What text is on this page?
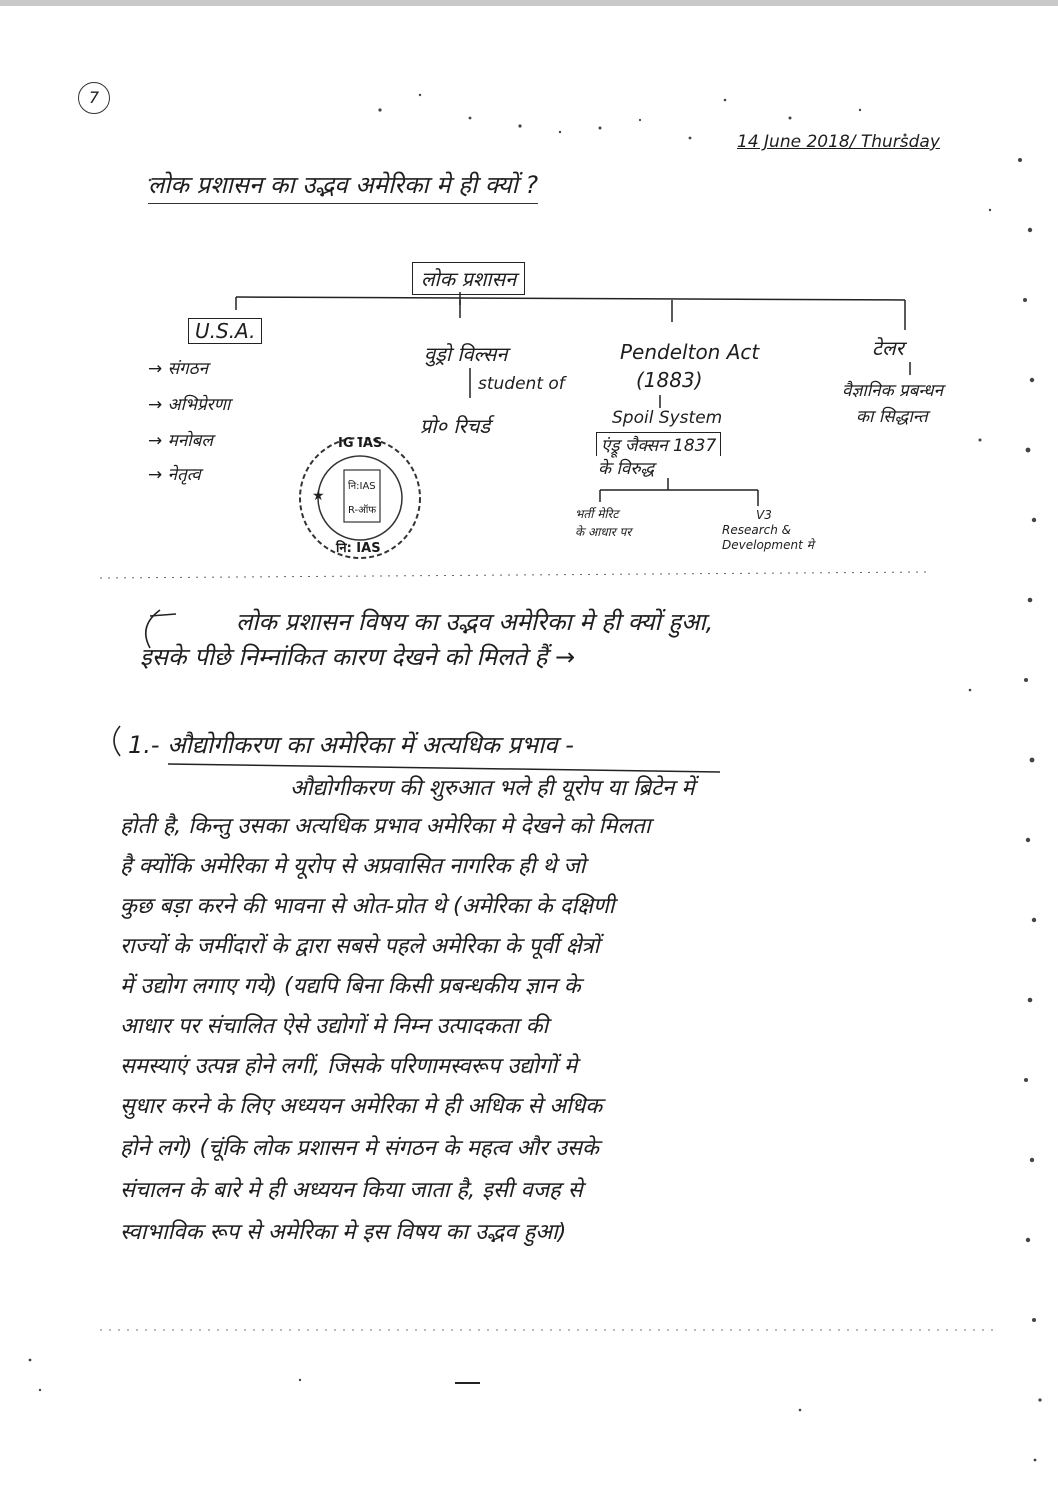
7
14 June 2018/ Thursday
लोक प्रशासन का उद्भव अमेरिका मे ही क्यों ?
लोक प्रशासन
U.S.A.
→ संगठन
→ अभिप्रेरणा
→ मनोबल
→ नेतृत्व
वुड्रो विल्सन
student of
प्रो० रिचर्ड
Pendelton Act
(1883)
Spoil System
एंड्रू जैक्सन 1837
के विरुद्ध
भर्ती मेरिट
के आधार पर
V3
Research &
Development मे
टेलर
वैज्ञानिक प्रबन्धन
का सिद्धान्त
★
IG IAS
नि:IAS
R-ऑफ
नि: IAS
लोक प्रशासन विषय का उद्भव अमेरिका मे ही क्यों हुआ,
इसके पीछे निम्नांकित कारण देखने को मिलते हैं →
1.- औद्योगीकरण का अमेरिका में अत्यधिक प्रभाव -
औद्योगीकरण की शुरुआत भले ही यूरोप या ब्रिटेन में
होती है, किन्तु उसका अत्यधिक प्रभाव अमेरिका मे देखने को मिलता
है क्योंकि अमेरिका मे यूरोप से अप्रवासित नागरिक ही थे जो
कुछ बड़ा करने की भावना से ओत-प्रोत थे (अमेरिका के दक्षिणी
राज्यों के जमींदारों के द्वारा सबसे पहले अमेरिका के पूर्वी क्षेत्रों
में उद्योग लगाए गये) (यद्यपि बिना किसी प्रबन्धकीय ज्ञान के
आधार पर संचालित ऐसे उद्योगों मे निम्न उत्पादकता की
समस्याएं उत्पन्न होने लगीं, जिसके परिणामस्वरूप उद्योगों मे
सुधार करने के लिए अध्ययन अमेरिका मे ही अधिक से अधिक
होने लगे) (चूंकि लोक प्रशासन मे संगठन के महत्व और उसके
संचालन के बारे मे ही अध्ययन किया जाता है, इसी वजह से
स्वाभाविक रूप से अमेरिका मे इस विषय का उद्भव हुआ)
